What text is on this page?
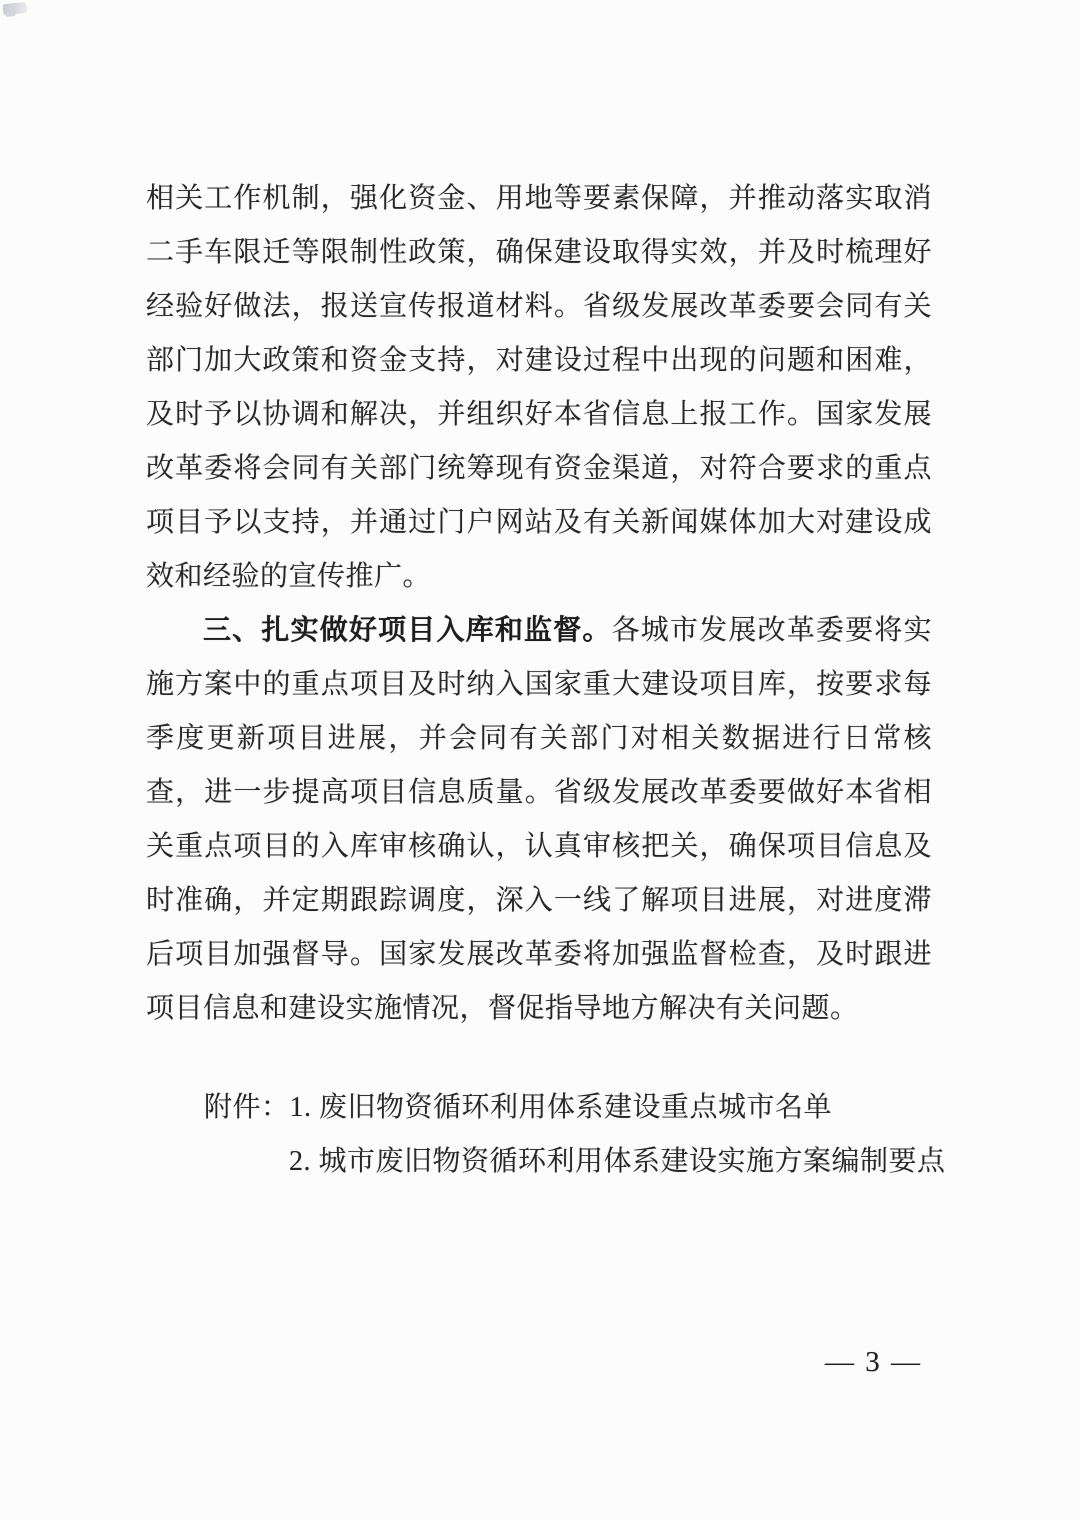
相关工作机制，强化资金、用地等要素保障，并推动落实取消二手车限迁等限制性政策，确保建设取得实效，并及时梳理好经验好做法，报送宣传报道材料。省级发展改革委要会同有关部门加大政策和资金支持，对建设过程中出现的问题和困难，及时予以协调和解决，并组织好本省信息上报工作。国家发展改革委将会同有关部门统筹现有资金渠道，对符合要求的重点项目予以支持，并通过门户网站及有关新闻媒体加大对建设成效和经验的宣传推广。

三、扎实做好项目入库和监督。各城市发展改革委要将实施方案中的重点项目及时纳入国家重大建设项目库，按要求每季度更新项目进展，并会同有关部门对相关数据进行日常核查，进一步提高项目信息质量。省级发展改革委要做好本省相关重点项目的入库审核确认，认真审核把关，确保项目信息及时准确，并定期跟踪调度，深入一线了解项目进展，对进度滞后项目加强督导。国家发展改革委将加强监督检查，及时跟进项目信息和建设实施情况，督促指导地方解决有关问题。

附件：1. 废旧物资循环利用体系建设重点城市名单
2. 城市废旧物资循环利用体系建设实施方案编制要点
— 3 —
